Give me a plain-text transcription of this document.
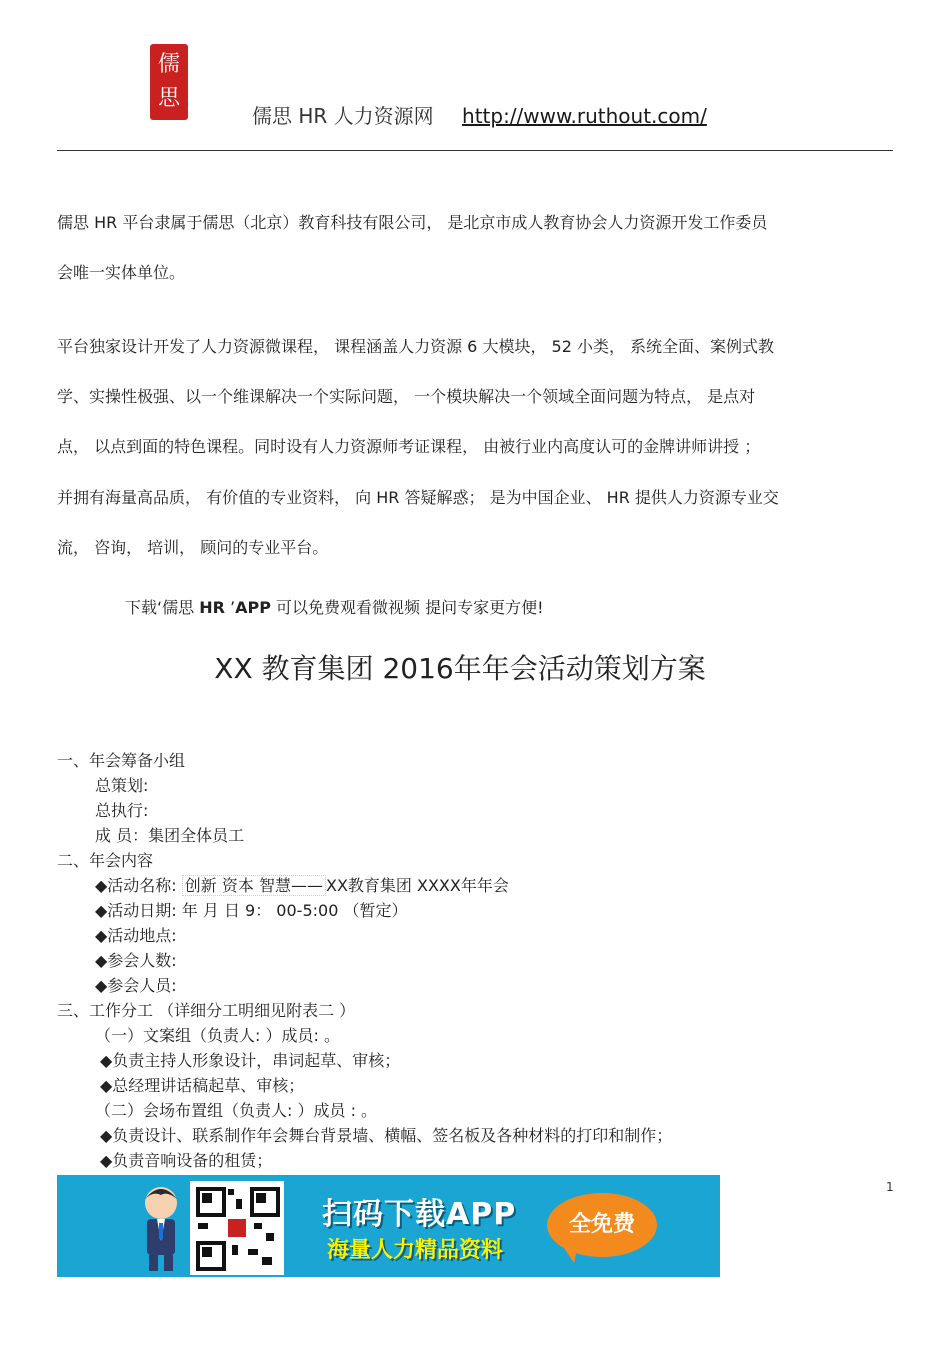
儒
思
儒思 HR 人力资源网 http://www.ruthout.com/
儒思 HR 平台隶属于儒思（北京）教育科技有限公司， 是北京市成人教育协会人力资源开发工作委员
会唯一实体单位。
平台独家设计开发了人力资源微课程， 课程涵盖人力资源 6 大模块， 52 小类， 系统全面、案例式教
学、实操性极强、以一个维课解决一个实际问题， 一个模块解决一个领域全面问题为特点， 是点对
点， 以点到面的特色课程。同时设有人力资源师考证课程， 由被行业内高度认可的金牌讲师讲授 ；
并拥有海量高品质， 有价值的专业资料， 向 HR 答疑解惑； 是为中国企业、 HR 提供人力资源专业交
流， 咨询， 培训， 顾问的专业平台。
下载‘儒思 HR ’APP 可以免费观看微视频 提问专家更方便!
XX 教育集团 2016年年会活动策划方案
一、年会筹备小组
总策划:
总执行:
成 员：集团全体员工
二、年会内容
◆活动名称: 创新 资本 智慧—— XX教育集团 XXXX年年会
◆活动日期: 年 月 日 9： 00-5:00 （暂定）
◆活动地点:
◆参会人数:
◆参会人员:
三、工作分工 （详细分工明细见附表二 ）
（一）文案组（负责人: ）成员: 。
◆负责主持人形象设计，串词起草、审核；
◆总经理讲话稿起草、审核；
（二）会场布置组（负责人: ）成员 : 。
◆负责设计、联系制作年会舞台背景墙、横幅、签名板及各种材料的打印和制作；
◆负责音响设备的租赁；
1
扫码下载APP
海量人力精品资料
全免费
